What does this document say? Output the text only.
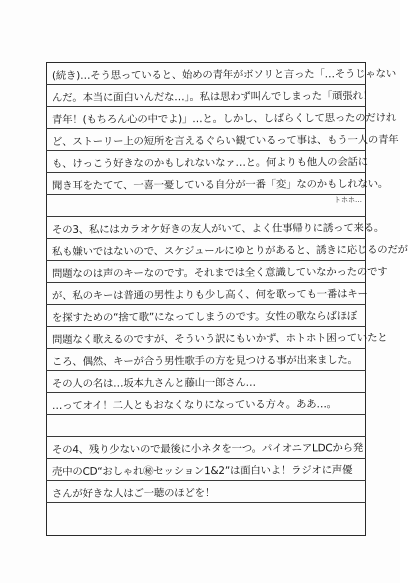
(続き)…そう思っていると、始めの青年がボソリと言った「…そうじゃない
んだ。本当に面白いんだな…」。私は思わず叫んでしまった「頑張れ！
青年！(もちろん心の中でよ)」…と。しかし、しばらくして思ったのだけれ
ど、ストーリー上の短所を言えるぐらい観ているって事は、もう一人の青年
も、けっこう好きなのかもしれないなァ…と。何よりも他人の会話に
聞き耳をたてて、一喜一憂している自分が一番「変」なのかもしれない。
トホホ…
その3、私にはカラオケ好きの友人がいて、よく仕事帰りに誘って来る。
私も嫌いではないので、スケジュールにゆとりがあると、誘きに応じるのだが
問題なのは声のキーなのです。それまでは全く意識していなかったのです
が、私のキーは普通の男性よりも少し高く、何を歌っても一番はキー
を探すための“捨て歌”になってしまうのです。女性の歌ならばほぼ
問題なく歌えるのですが、そういう訳にもいかず、ホトホト困っていたと
ころ、偶然、キーが合う男性歌手の方を見つける事が出来ました。
その人の名は…坂本九さんと藤山一郎さん…
…ってオイ！二人ともおなくなりになっている方々。ああ…。
その4、残り少ないので最後に小ネタを一つ。パイオニアLDCから発
売中のCD“おしゃれ㊙セッション1&2”は面白いよ！ラジオに声優
さんが好きな人はご一聴のほどを！
